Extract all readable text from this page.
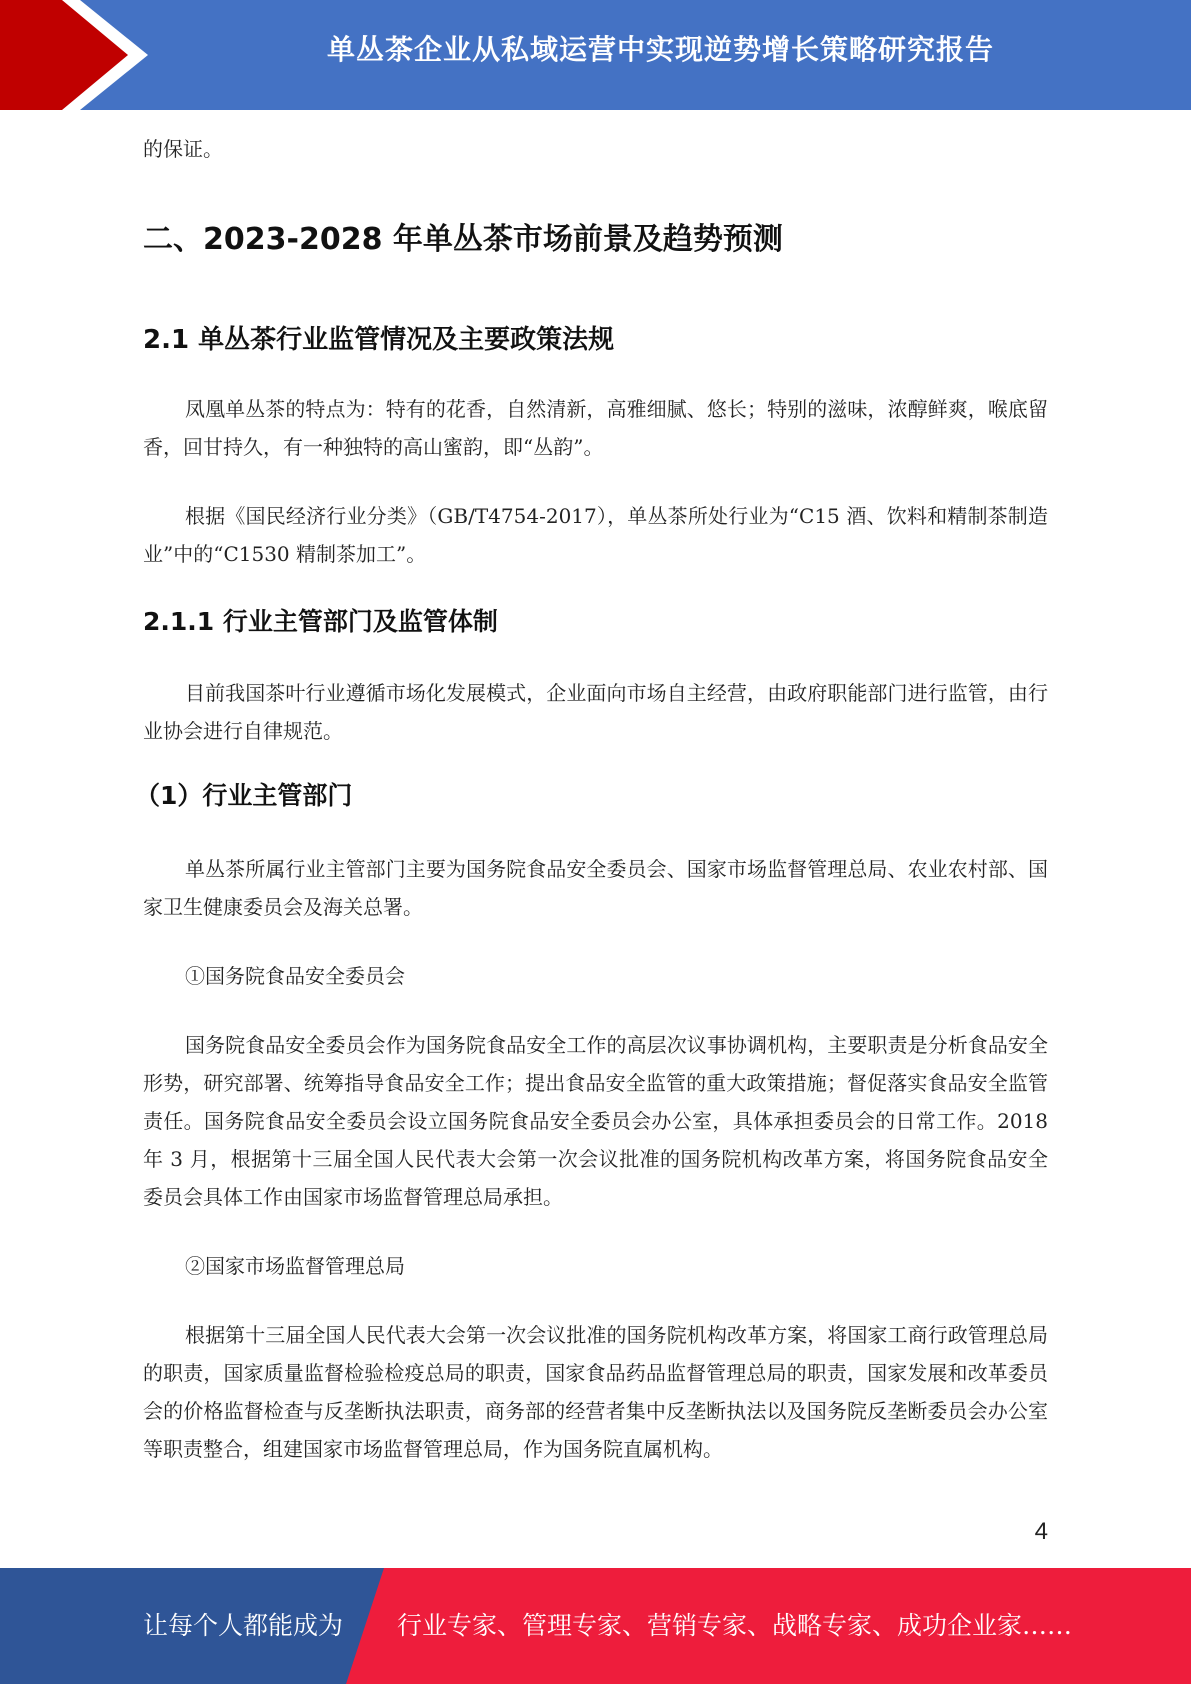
单丛茶企业从私域运营中实现逆势增长策略研究报告

的保证。

二、2023-2028 年单丛茶市场前景及趋势预测
2.1 单丛茶行业监管情况及主要政策法规

凤凰单丛茶的特点为：特有的花香，自然清新，高雅细腻、悠长；特别的滋味，浓醇鲜爽，喉底留香，回甘持久，有一种独特的高山蜜韵，即“丛韵”。

根据《国民经济行业分类》（GB/T4754-2017），单丛茶所处行业为“C15 酒、饮料和精制茶制造业”中的“C1530 精制茶加工”。

2.1.1 行业主管部门及监管体制

目前我国茶叶行业遵循市场化发展模式，企业面向市场自主经营，由政府职能部门进行监管，由行业协会进行自律规范。

（1）行业主管部门

单丛茶所属行业主管部门主要为国务院食品安全委员会、国家市场监督管理总局、农业农村部、国家卫生健康委员会及海关总署。

①国务院食品安全委员会

国务院食品安全委员会作为国务院食品安全工作的高层次议事协调机构，主要职责是分析食品安全形势，研究部署、统筹指导食品安全工作；提出食品安全监管的重大政策措施；督促落实食品安全监管责任。国务院食品安全委员会设立国务院食品安全委员会办公室，具体承担委员会的日常工作。2018 年 3 月，根据第十三届全国人民代表大会第一次会议批准的国务院机构改革方案，将国务院食品安全委员会具体工作由国家市场监督管理总局承担。

②国家市场监督管理总局

根据第十三届全国人民代表大会第一次会议批准的国务院机构改革方案，将国家工商行政管理总局的职责，国家质量监督检验检疫总局的职责，国家食品药品监督管理总局的职责，国家发展和改革委员会的价格监督检查与反垄断执法职责，商务部的经营者集中反垄断执法以及国务院反垄断委员会办公室等职责整合，组建国家市场监督管理总局，作为国务院直属机构。

4
让每个人都能成为 行业专家、管理专家、营销专家、战略专家、成功企业家……
